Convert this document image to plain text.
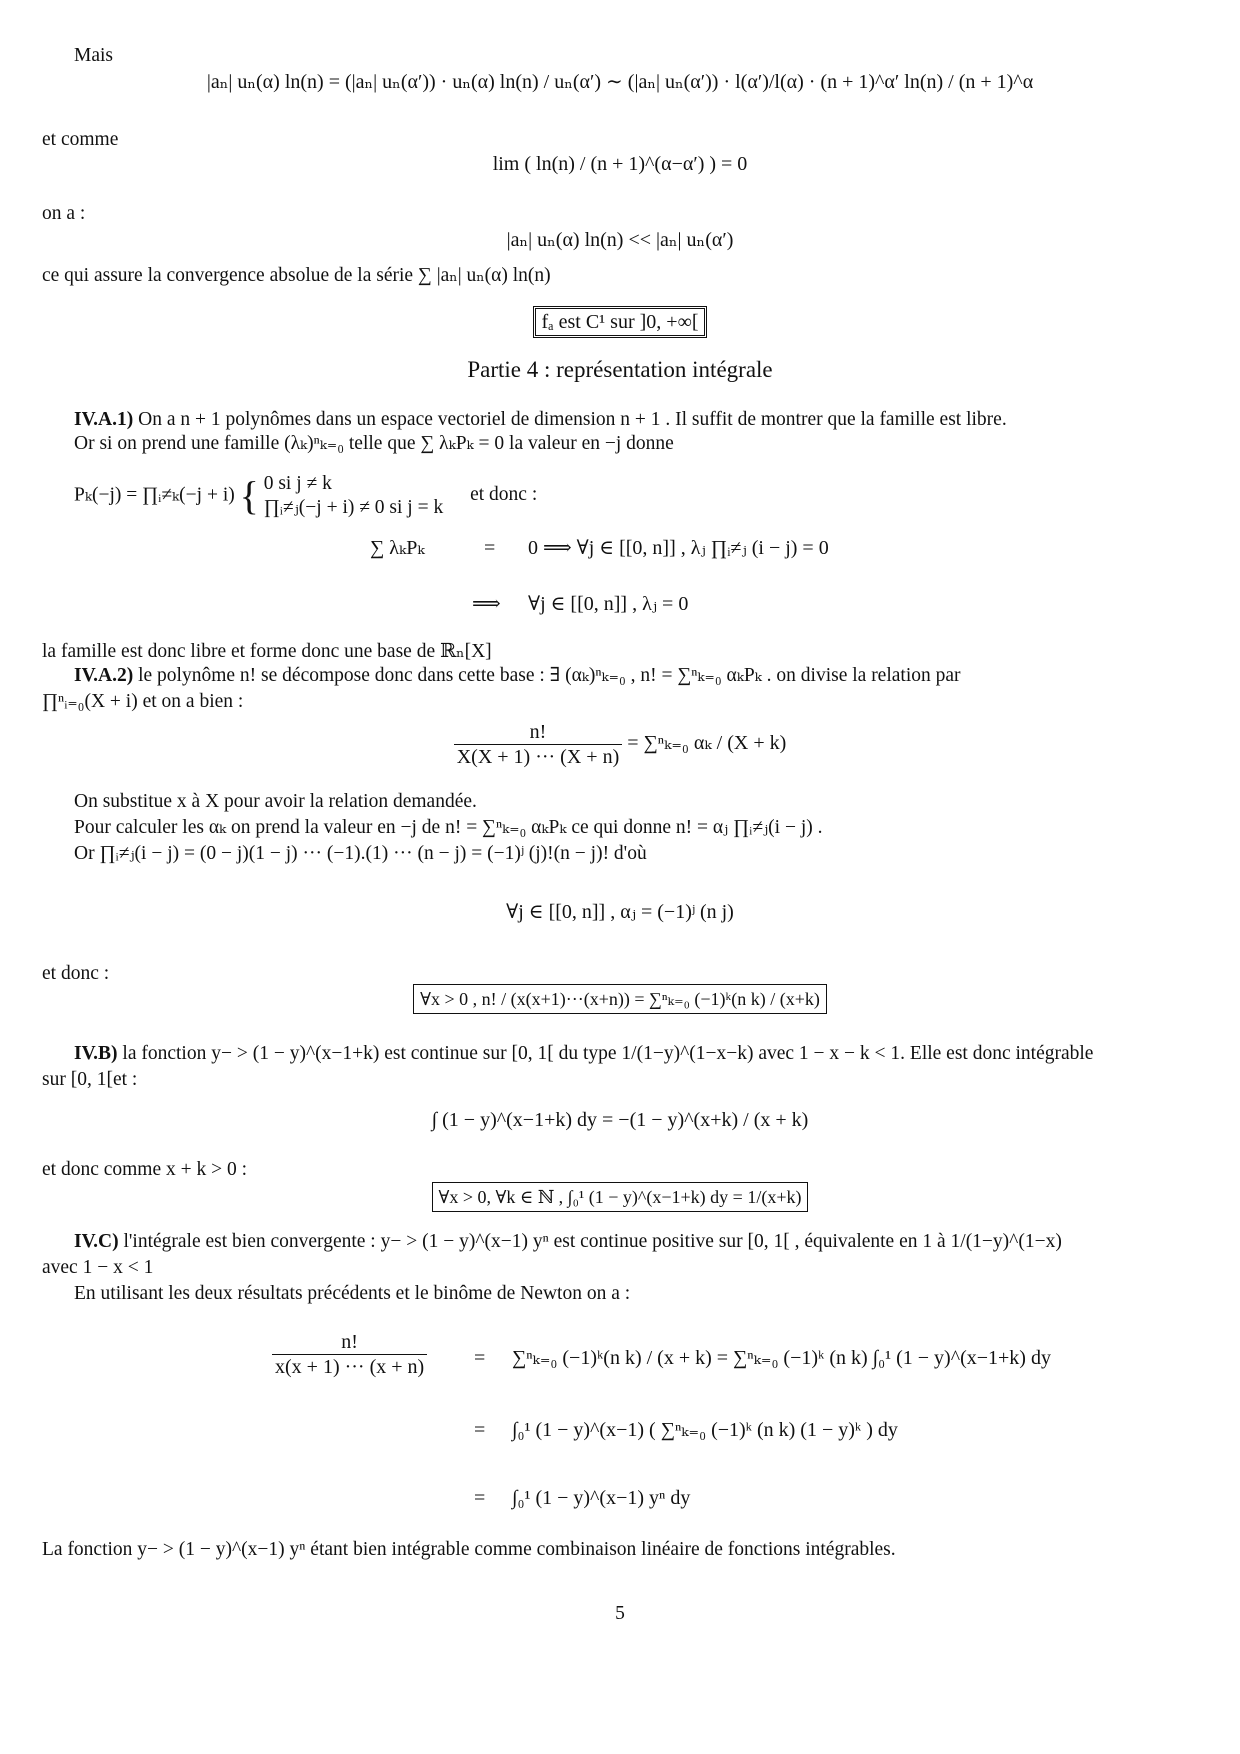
Mais
|aₙ| uₙ(α) ln(n) = (|aₙ| uₙ(α′)) · uₙ(α) ln(n) / uₙ(α′) ∼ (|aₙ| uₙ(α′)) · l(α′)/l(α) · (n + 1)^α′ ln(n) / (n + 1)^α
et comme
lim ( ln(n) / (n + 1)^(α−α′) ) = 0
on a :
|aₙ| uₙ(α) ln(n) << |aₙ| uₙ(α′)
ce qui assure la convergence absolue de la série ∑ |aₙ| uₙ(α) ln(n)
fₐ est C¹ sur ]0, +∞[
Partie 4 : représentation intégrale
IV.A.1) On a n + 1 polynômes dans un espace vectoriel de dimension n + 1 . Il suffit de montrer que la famille est libre.
Or si on prend une famille (λₖ)ⁿₖ₌₀ telle que ∑ λₖPₖ = 0 la valeur en −j donne
Pₖ(−j) = ∏ᵢ≠ₖ(−j + i) { 0 si j ≠ k
∏ᵢ≠ⱼ(−j + i) ≠ 0 si j = k
et donc :
∑ λₖPₖ	= 0 ⟹ ∀j ∈ [[0, n]] , λⱼ ∏ᵢ≠ⱼ (i − j) = 0
⟹ ∀j ∈ [[0, n]] , λⱼ = 0
la famille est donc libre et forme donc une base de ℝₙ[X]
IV.A.2) le polynôme n! se décompose donc dans cette base : ∃ (αₖ)ⁿₖ₌₀ , n! = ∑ⁿₖ₌₀ αₖPₖ . on divise la relation par
∏ⁿᵢ₌₀(X + i) et on a bien :
$\frac{n!}{X(X + 1) \cdot\cdot\cdot (X + n)} = \sum^n_{k=0}$ αₖ / (X + k)
On substitue x à X pour avoir la relation demandée.
Pour calculer les αₖ on prend la valeur en −j de n! = ∑ⁿₖ₌₀ αₖPₖ ce qui donne n! = αⱼ ∏ᵢ≠ⱼ(i − j) .
Or ∏ᵢ≠ⱼ(i − j) = (0 − j)(1 − j) ··· (−1).(1) ··· (n − j) = (−1)ʲ (j)!(n − j)! d'où
∀j ∈ [[0, n]] , αⱼ = (−1)ʲ (n j)
et donc :
∀x > 0 , n! / (x(x+1)···(x+n)) = ∑ⁿₖ₌₀ (−1)ᵏ(n k) / (x+k)
IV.B) la fonction y− > (1 − y)^(x−1+k) est continue sur [0, 1[ du type 1/(1−y)^(1−x−k) avec 1 − x − k < 1. Elle est donc intégrable
sur [0, 1[et :
∫ (1 − y)^(x−1+k) dy = −(1 − y)^(x+k) / (x + k)
et donc comme x + k > 0 :
∀x > 0, ∀k ∈ ℕ , ∫₀¹ (1 − y)^(x−1+k) dy = 1/(x+k)
IV.C) l'intégrale est bien convergente : y− > (1 − y)^(x−1) yⁿ est continue positive sur [0, 1[ , équivalente en 1 à 1/(1−y)^(1−x)
avec 1 − x < 1
En utilisant les deux résultats précédents et le binôme de Newton on a :
$\frac{n!}{x(x + 1) \cdot\cdot\cdot (x + n)} = \sum^n_{k=0}$ (−1)ᵏ(n k) / (x + k) = ∑ⁿₖ₌₀ (−1)ᵏ (n k) ∫₀¹ (1 − y)^(x−1+k) dy
= ∫₀¹ (1 − y)^(x−1) ( ∑ⁿₖ₌₀ (−1)ᵏ (n k) (1 − y)ᵏ ) dy
= ∫₀¹ (1 − y)^(x−1) yⁿ dy
La fonction y− > (1 − y)^(x−1) yⁿ étant bien intégrable comme combinaison linéaire de fonctions intégrables.
5
